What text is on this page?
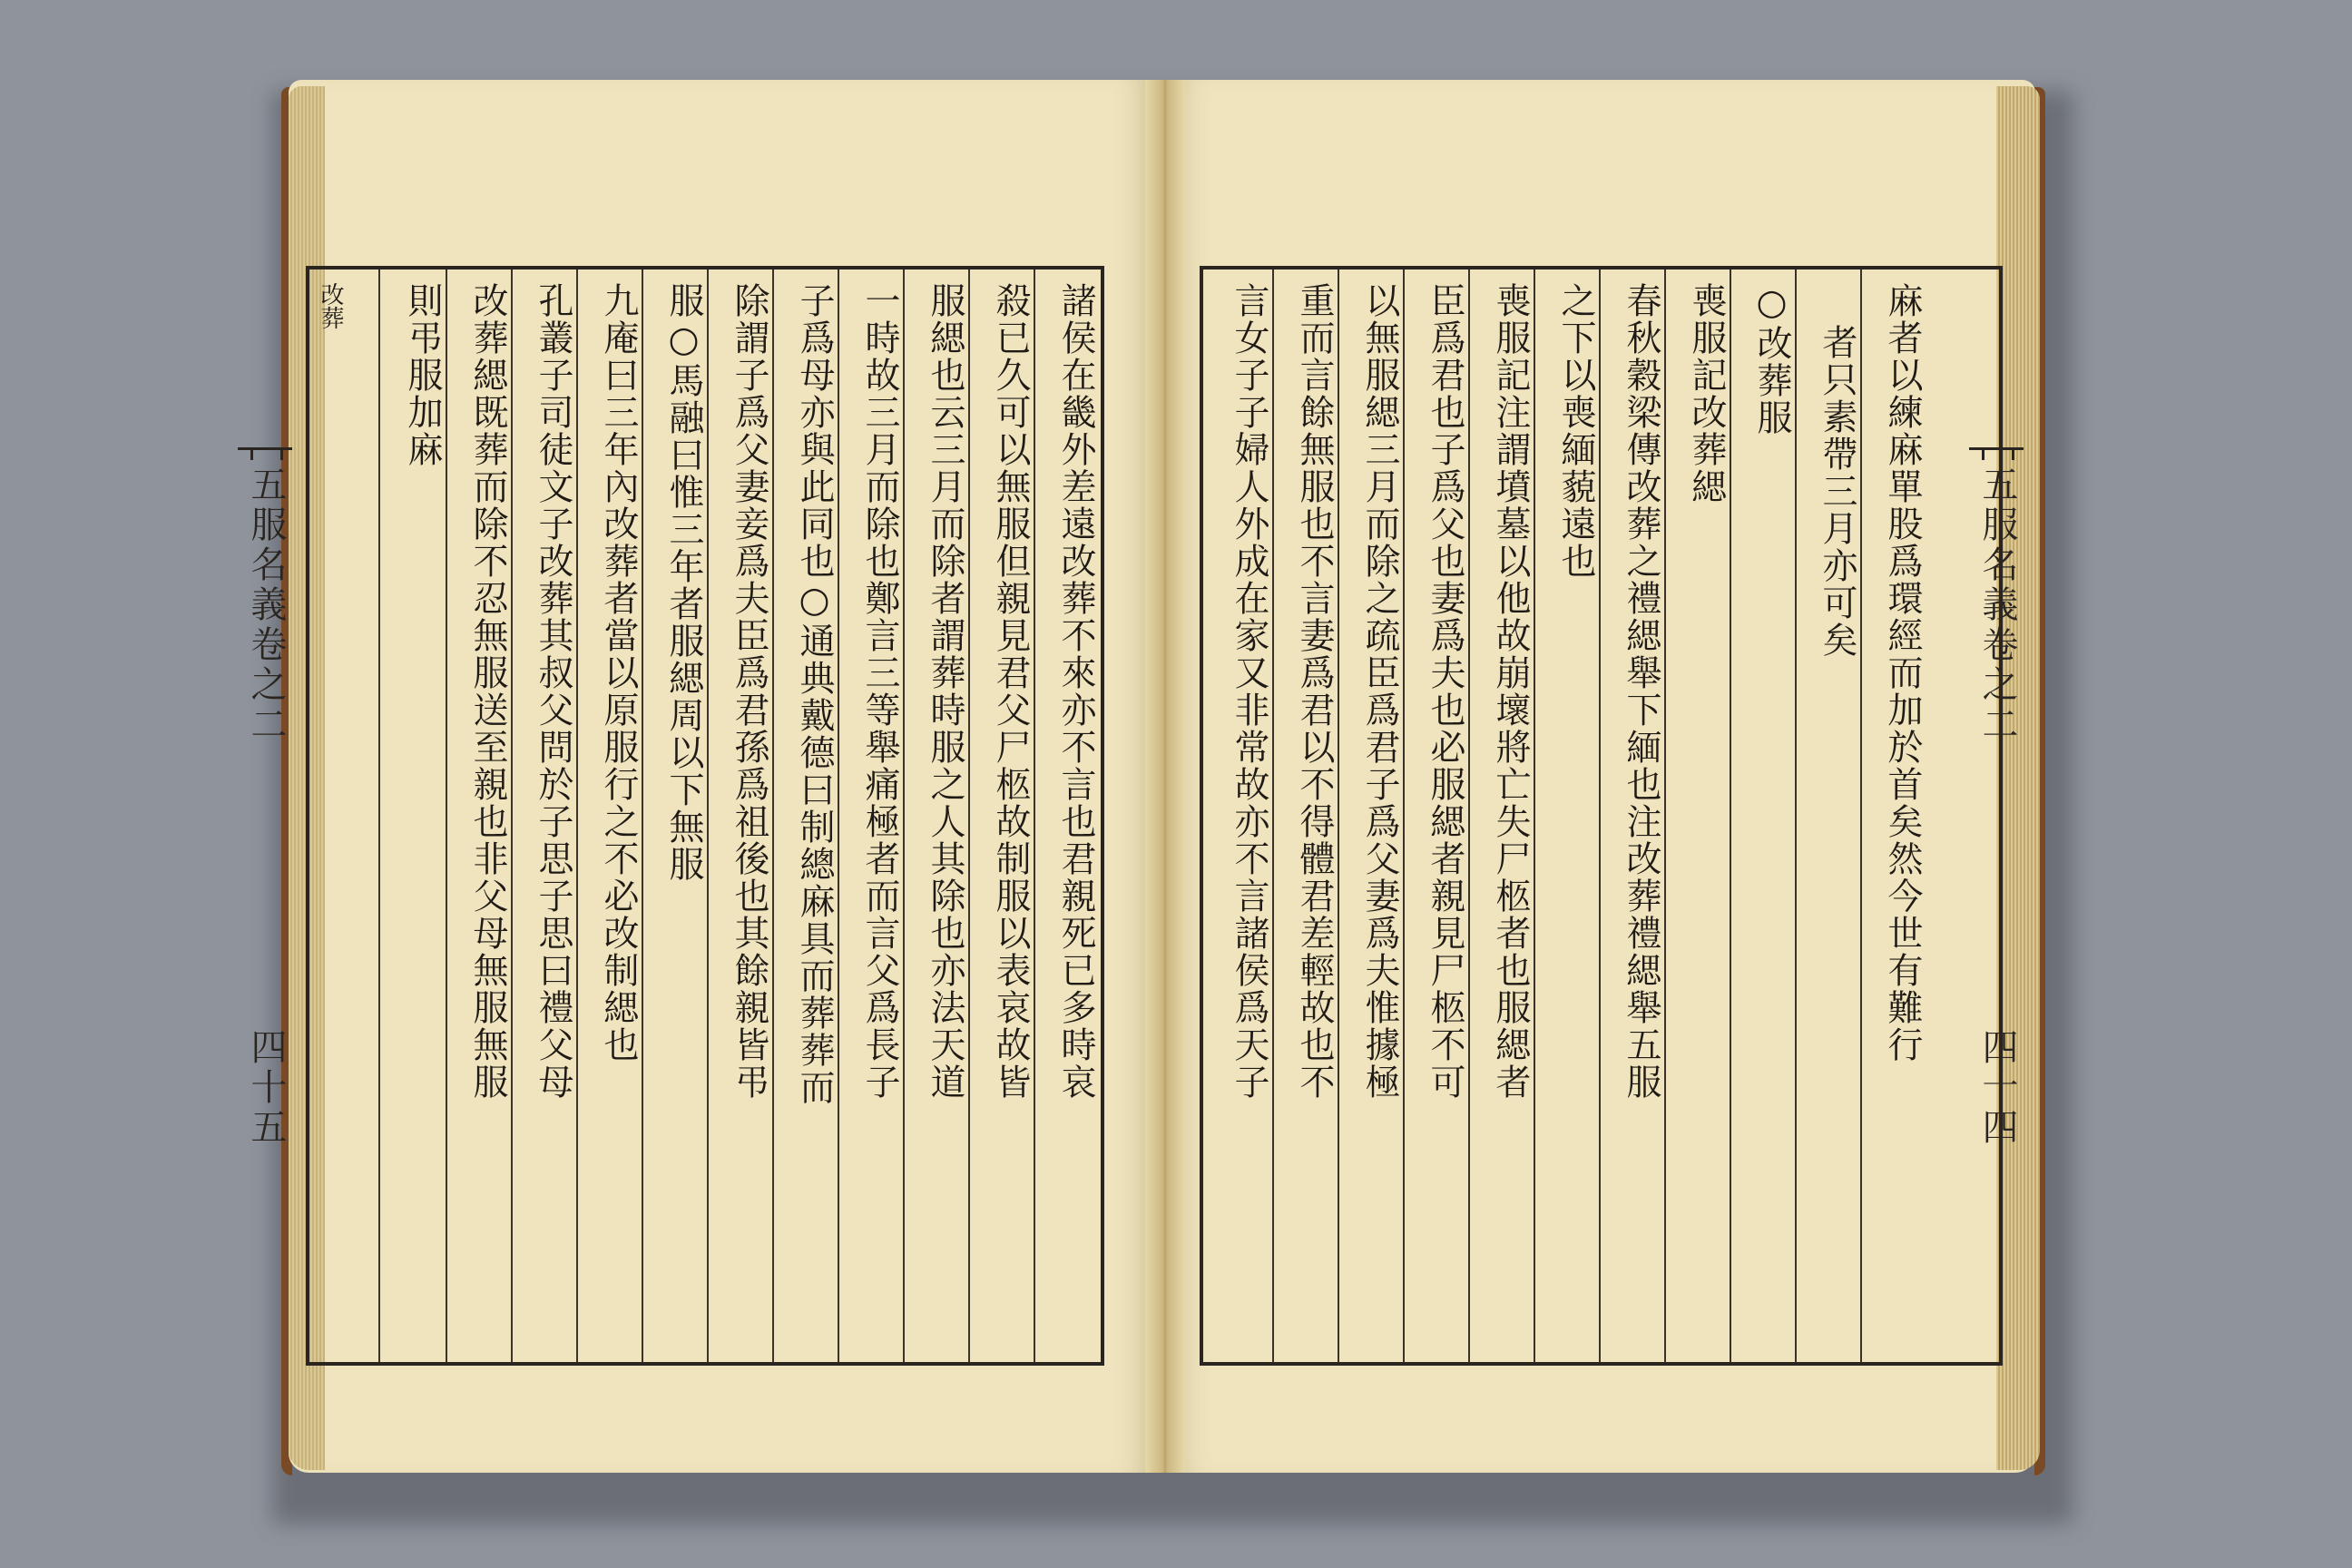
改葬	則弔服加麻 改葬緦既葬而除不忍無服送至親也非父母無服無服 孔叢子司徒文子改葬其叔父問於子思子思曰禮父母 九庵曰三年內改葬者當以原服行之不必改制緦也 服○馬融曰惟三年者服緦周以下無服 除謂子爲父妻妾爲夫臣爲君孫爲祖後也其餘親皆弔 子爲母亦與此同也○通典戴德曰制總麻具而葬葬而 一時故三月而除也鄭言三等舉痛極者而言父爲長子 服緦也云三月而除者謂葬時服之人其除也亦法天道 殺已久可以無服但親見君父尸柩故制服以表哀故皆 諸侯在畿外差遠改葬不來亦不言也君親死已多時哀
五服名義卷之二
四十五	言女子子婦人外成在家又非常故亦不言諸侯爲天子 重而言餘無服也不言妻爲君以不得體君差輕故也不 以無服緦三月而除之疏臣爲君子爲父妻爲夫惟據極 臣爲君也子爲父也妻爲夫也必服緦者親見尸柩不可 喪服記注謂墳墓以他故崩壞將亡失尸柩者也服緦者 之下以喪緬藐遠也 春秋穀梁傳改葬之禮緦舉下緬也注改葬禮緦舉五服 喪服記改葬緦 ○改葬服 者只素帶三月亦可矣 麻者以練麻單股爲環經而加於首矣然今世有難行 五服名義卷之二
四十四
